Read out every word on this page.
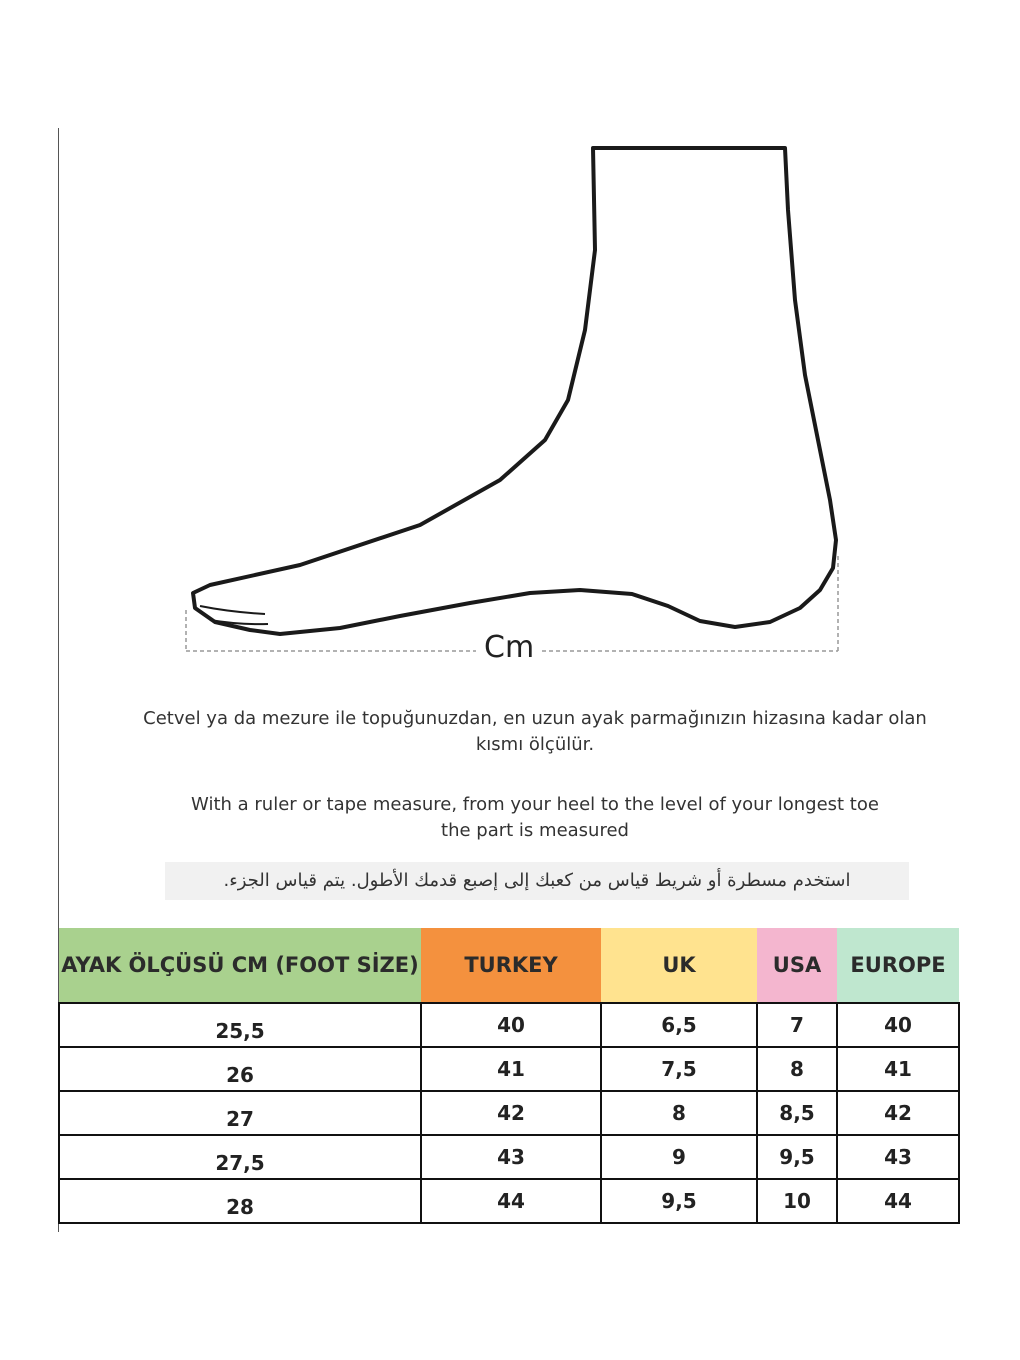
Cm
Cetvel ya da mezure ile topuğunuzdan, en uzun ayak parmağınızın hizasına kadar olan kısmı ölçülür.
With a ruler or tape measure, from your heel to the level of your longest toe
the part is measured
استخدم مسطرة أو شريط قياس من كعبك إلى إصبع قدمك الأطول. يتم قياس الجزء.
AYAK ÖLÇÜSÜ CM (FOOT SİZE)	TURKEY	UK	USA	EUROPE
25,5	40	6,5	7	40
26	41	7,5	8	41
27	42	8	8,5	42
27,5	43	9	9,5	43
28	44	9,5	10	44
